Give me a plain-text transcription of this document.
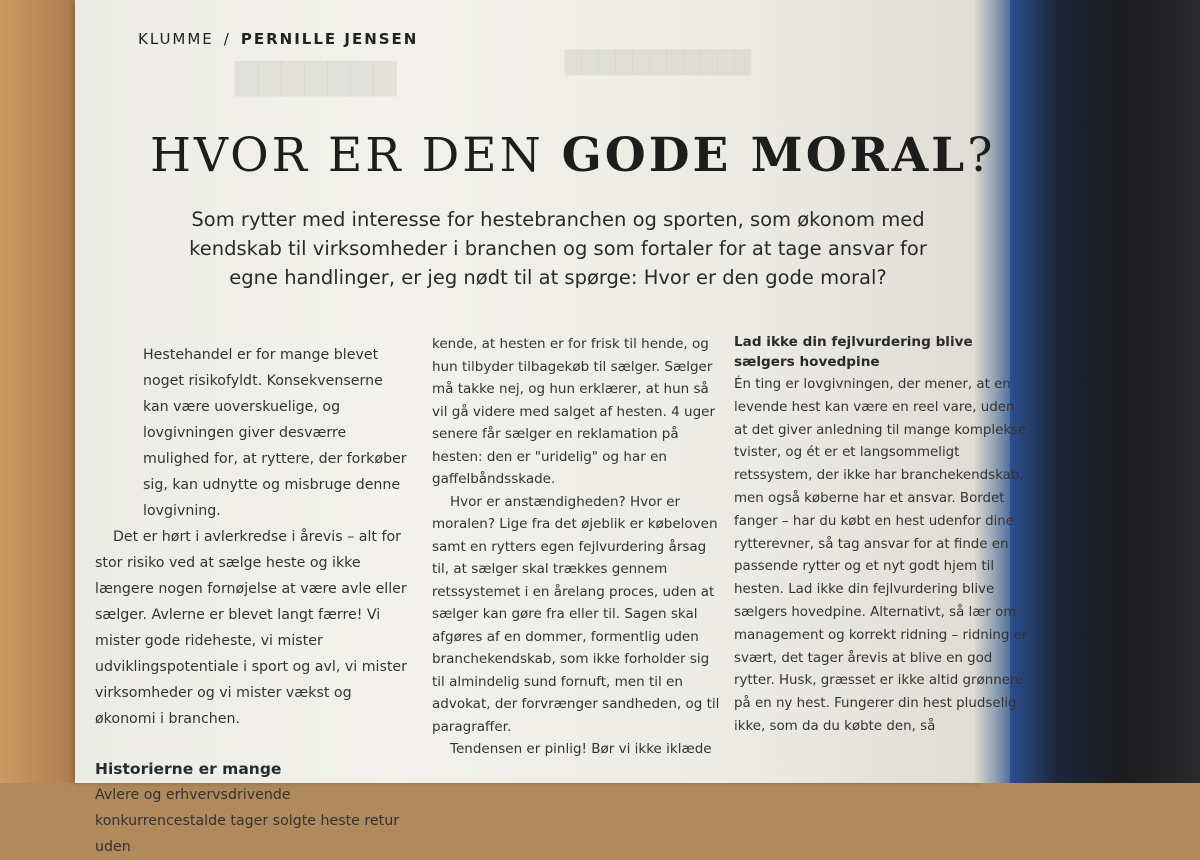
███████	███████████

KLUMME / PERNILLE JENSEN

HVOR ER DEN GODE MORAL?

Som rytter med interesse for hestebranchen og sporten, som økonom med kendskab til virksomheder i branchen og som fortaler for at tage ansvar for egne handlinger, er jeg nødt til at spørge: Hvor er den gode moral?

Hestehandel er for mange blevet noget risikofyldt. Konsekvenserne kan være uoverskuelige, og lovgivningen giver desværre mulighed for, at ryttere, der forkøber sig, kan udnytte og misbruge denne lovgivning.

Det er hørt i avlerkredse i årevis – alt for stor risiko ved at sælge heste og ikke længere nogen fornøjelse at være avle eller sælger. Avlerne er blevet langt færre! Vi mister gode rideheste, vi mister udviklingspotentiale i sport og avl, vi mister virksomheder og vi mister vækst og økonomi i branchen.

Historierne er mange

Avlere og erhvervsdrivende konkurrencestalde tager solgte heste retur uden

kende, at hesten er for frisk til hende, og hun tilbyder tilbagekøb til sælger. Sælger må takke nej, og hun erklærer, at hun så vil gå videre med salget af hesten. 4 uger senere får sælger en reklamation på hesten: den er "uridelig" og har en gaffelbåndsskade.

Hvor er anstændigheden? Hvor er moralen? Lige fra det øjeblik er købeloven samt en rytters egen fejlvurdering årsag til, at sælger skal trækkes gennem retssystemet i en årelang proces, uden at sælger kan gøre fra eller til. Sagen skal afgøres af en dommer, formentlig uden branchekendskab, som ikke forholder sig til almindelig sund fornuft, men til en advokat, der forvrænger sandheden, og til paragraffer.

Tendensen er pinlig! Bør vi ikke iklæde

Lad ikke din fejlvurdering blive sælgers hovedpine

Én ting er lovgivningen, der mener, at en levende hest kan være en reel vare, uden at det giver anledning til mange komplekse tvister, og ét er et langsommeligt retssystem, der ikke har branchekendskab, men også køberne har et ansvar. Bordet fanger – har du købt en hest udenfor dine rytterevner, så tag ansvar for at finde en passende rytter og et nyt godt hjem til hesten. Lad ikke din fejlvurdering blive sælgers hovedpine. Alternativt, så lær om management og korrekt ridning – ridning er svært, det tager årevis at blive en god rytter. Husk, græsset er ikke altid grønnere på en ny hest. Fungerer din hest pludselig ikke, som da du købte den, så
